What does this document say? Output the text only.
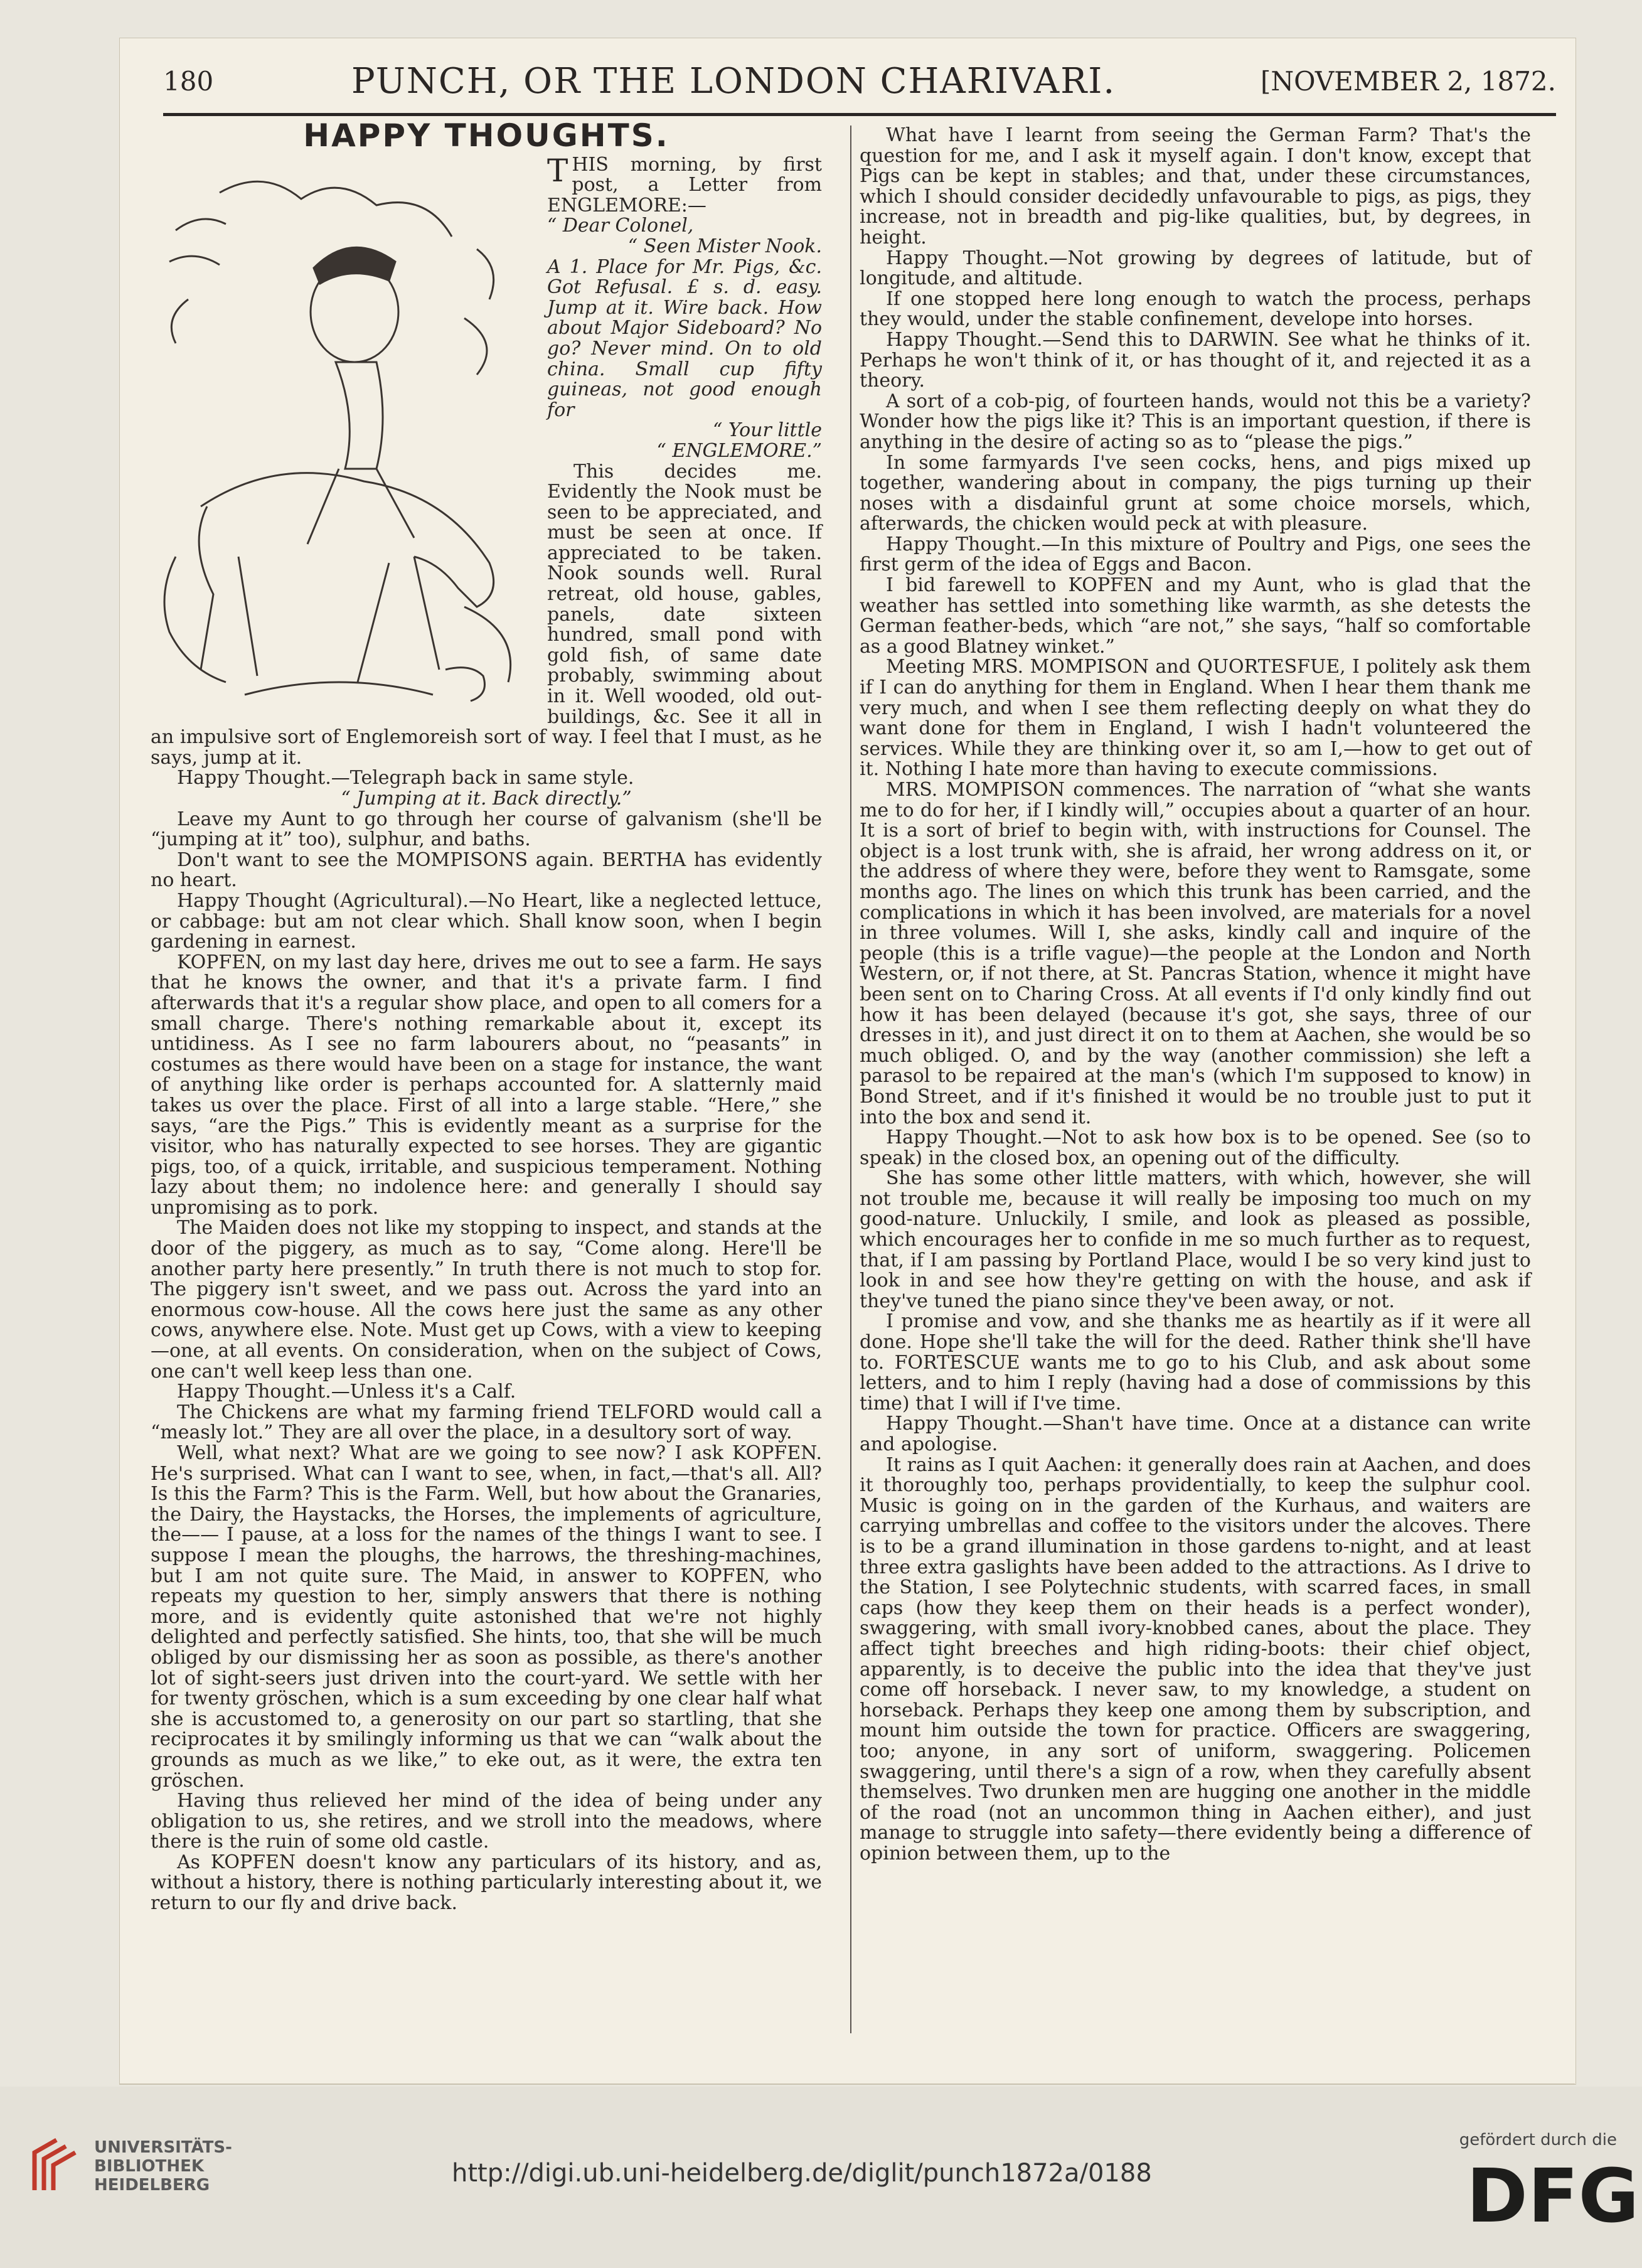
180	PUNCH, OR THE LONDON CHARIVARI.	[NOVEMBER 2, 1872.
HAPPY THOUGHTS.

THIS morning, by first post, a Letter from ENGLEMORE:—

“ Dear Colonel,

“ Seen Mister Nook.

A 1. Place for Mr. Pigs, &c. Got Refusal. £ s. d. easy. Jump at it. Wire back. How about Major Sideboard? No go? Never mind. On to old china. Small cup fifty guineas, not good enough for

“ Your little

“ ENGLEMORE.”

This decides me. Evidently the Nook must be seen to be appreciated, and must be seen at once. If appreciated to be taken. Nook sounds well. Rural retreat, old house, gables, panels, date sixteen hundred, small pond with gold fish, of same date probably, swimming about in it. Well wooded, old out-buildings, &c. See it all in an impulsive sort of Englemoreish sort of way. I feel that I must, as he says, jump at it.

Happy Thought.—Telegraph back in same style.

“ Jumping at it. Back directly.”

Leave my Aunt to go through her course of galvanism (she'll be “jumping at it” too), sulphur, and baths.

Don't want to see the MOMPISONS again. BERTHA has evidently no heart.

Happy Thought (Agricultural).—No Heart, like a neglected lettuce, or cabbage: but am not clear which. Shall know soon, when I begin gardening in earnest.

KOPFEN, on my last day here, drives me out to see a farm. He says that he knows the owner, and that it's a private farm. I find afterwards that it's a regular show place, and open to all comers for a small charge. There's nothing remarkable about it, except its untidiness. As I see no farm labourers about, no “peasants” in costumes as there would have been on a stage for instance, the want of anything like order is perhaps accounted for. A slatternly maid takes us over the place. First of all into a large stable. “Here,” she says, “are the Pigs.” This is evidently meant as a surprise for the visitor, who has naturally expected to see horses. They are gigantic pigs, too, of a quick, irritable, and suspicious temperament. Nothing lazy about them; no indolence here: and generally I should say unpromising as to pork.

The Maiden does not like my stopping to inspect, and stands at the door of the piggery, as much as to say, “Come along. Here'll be another party here presently.” In truth there is not much to stop for. The piggery isn't sweet, and we pass out. Across the yard into an enormous cow-house. All the cows here just the same as any other cows, anywhere else. Note. Must get up Cows, with a view to keeping—one, at all events. On consideration, when on the subject of Cows, one can't well keep less than one.

Happy Thought.—Unless it's a Calf.

The Chickens are what my farming friend TELFORD would call a “measly lot.” They are all over the place, in a desultory sort of way.

Well, what next? What are we going to see now? I ask KOPFEN. He's surprised. What can I want to see, when, in fact,—that's all. All? Is this the Farm? This is the Farm. Well, but how about the Granaries, the Dairy, the Haystacks, the Horses, the implements of agriculture, the—— I pause, at a loss for the names of the things I want to see. I suppose I mean the ploughs, the harrows, the threshing-machines, but I am not quite sure. The Maid, in answer to KOPFEN, who repeats my question to her, simply answers that there is nothing more, and is evidently quite astonished that we're not highly delighted and perfectly satisfied. She hints, too, that she will be much obliged by our dismissing her as soon as possible, as there's another lot of sight-seers just driven into the court-yard. We settle with her for twenty gröschen, which is a sum exceeding by one clear half what she is accustomed to, a generosity on our part so startling, that she reciprocates it by smilingly informing us that we can “walk about the grounds as much as we like,” to eke out, as it were, the extra ten gröschen.

Having thus relieved her mind of the idea of being under any obligation to us, she retires, and we stroll into the meadows, where there is the ruin of some old castle.

As KOPFEN doesn't know any particulars of its history, and as, without a history, there is nothing particularly interesting about it, we return to our fly and drive back.

What have I learnt from seeing the German Farm? That's the question for me, and I ask it myself again. I don't know, except that Pigs can be kept in stables; and that, under these circumstances, which I should consider decidedly unfavourable to pigs, as pigs, they increase, not in breadth and pig-like qualities, but, by degrees, in height.

Happy Thought.—Not growing by degrees of latitude, but of longitude, and altitude.

If one stopped here long enough to watch the process, perhaps they would, under the stable confinement, develope into horses.

Happy Thought.—Send this to DARWIN. See what he thinks of it. Perhaps he won't think of it, or has thought of it, and rejected it as a theory.

A sort of a cob-pig, of fourteen hands, would not this be a variety? Wonder how the pigs like it? This is an important question, if there is anything in the desire of acting so as to “please the pigs.”

In some farmyards I've seen cocks, hens, and pigs mixed up together, wandering about in company, the pigs turning up their noses with a disdainful grunt at some choice morsels, which, afterwards, the chicken would peck at with pleasure.

Happy Thought.—In this mixture of Poultry and Pigs, one sees the first germ of the idea of Eggs and Bacon.

I bid farewell to KOPFEN and my Aunt, who is glad that the weather has settled into something like warmth, as she detests the German feather-beds, which “are not,” she says, “half so comfortable as a good Blatney winket.”

Meeting MRS. MOMPISON and QUORTESFUE, I politely ask them if I can do anything for them in England. When I hear them thank me very much, and when I see them reflecting deeply on what they do want done for them in England, I wish I hadn't volunteered the services. While they are thinking over it, so am I,—how to get out of it. Nothing I hate more than having to execute commissions.

MRS. MOMPISON commences. The narration of “what she wants me to do for her, if I kindly will,” occupies about a quarter of an hour. It is a sort of brief to begin with, with instructions for Counsel. The object is a lost trunk with, she is afraid, her wrong address on it, or the address of where they were, before they went to Ramsgate, some months ago. The lines on which this trunk has been carried, and the complications in which it has been involved, are materials for a novel in three volumes. Will I, she asks, kindly call and inquire of the people (this is a trifle vague)—the people at the London and North Western, or, if not there, at St. Pancras Station, whence it might have been sent on to Charing Cross. At all events if I'd only kindly find out how it has been delayed (because it's got, she says, three of our dresses in it), and just direct it on to them at Aachen, she would be so much obliged. O, and by the way (another commission) she left a parasol to be repaired at the man's (which I'm supposed to know) in Bond Street, and if it's finished it would be no trouble just to put it into the box and send it.

Happy Thought.—Not to ask how box is to be opened. See (so to speak) in the closed box, an opening out of the difficulty.

She has some other little matters, with which, however, she will not trouble me, because it will really be imposing too much on my good-nature. Unluckily, I smile, and look as pleased as possible, which encourages her to confide in me so much further as to request, that, if I am passing by Portland Place, would I be so very kind just to look in and see how they're getting on with the house, and ask if they've tuned the piano since they've been away, or not.

I promise and vow, and she thanks me as heartily as if it were all done. Hope she'll take the will for the deed. Rather think she'll have to. FORTESCUE wants me to go to his Club, and ask about some letters, and to him I reply (having had a dose of commissions by this time) that I will if I've time.

Happy Thought.—Shan't have time. Once at a distance can write and apologise.

It rains as I quit Aachen: it generally does rain at Aachen, and does it thoroughly too, perhaps providentially, to keep the sulphur cool. Music is going on in the garden of the Kurhaus, and waiters are carrying umbrellas and coffee to the visitors under the alcoves. There is to be a grand illumination in those gardens to-night, and at least three extra gaslights have been added to the attractions. As I drive to the Station, I see Polytechnic students, with scarred faces, in small caps (how they keep them on their heads is a perfect wonder), swaggering, with small ivory-knobbed canes, about the place. They affect tight breeches and high riding-boots: their chief object, apparently, is to deceive the public into the idea that they've just come off horseback. I never saw, to my knowledge, a student on horseback. Perhaps they keep one among them by subscription, and mount him outside the town for practice. Officers are swaggering, too; anyone, in any sort of uniform, swaggering. Policemen swaggering, until there's a sign of a row, when they carefully absent themselves. Two drunken men are hugging one another in the middle of the road (not an uncommon thing in Aachen either), and just manage to struggle into safety—there evidently being a difference of opinion between them, up to the

UNIVERSITÄTS-
BIBLIOTHEK
HEIDELBERG	http://digi.ub.uni-heidelberg.de/diglit/punch1872a/0188
gefördert durch die
DFG
